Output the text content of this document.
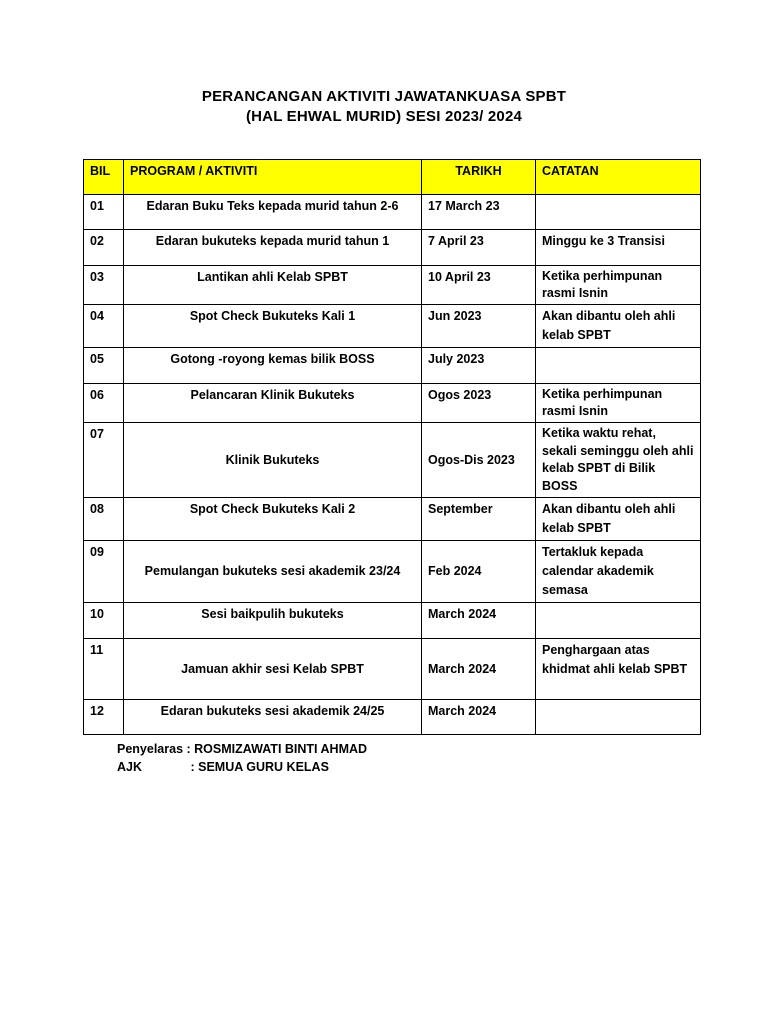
PERANCANGAN AKTIVITI JAWATANKUASA SPBT
(HAL EHWAL MURID) SESI 2023/ 2024
BIL	PROGRAM / AKTIVITI	TARIKH	CATATAN
01	Edaran Buku Teks kepada murid tahun 2-6	17 March 23	
02	Edaran bukuteks kepada murid tahun 1	7 April 23	Minggu ke 3 Transisi
03	Lantikan ahli Kelab SPBT	10 April 23	Ketika perhimpunan rasmi Isnin
04	Spot Check Bukuteks Kali 1	Jun 2023	Akan dibantu oleh ahli kelab SPBT
05	Gotong -royong kemas bilik BOSS	July 2023	
06	Pelancaran Klinik Bukuteks	Ogos 2023	Ketika perhimpunan rasmi Isnin
07	Klinik Bukuteks	Ogos-Dis 2023	Ketika waktu rehat, sekali seminggu oleh ahli kelab SPBT di Bilik BOSS
08	Spot Check Bukuteks Kali 2	September	Akan dibantu oleh ahli kelab SPBT
09	Pemulangan bukuteks sesi akademik 23/24	Feb 2024	Tertakluk kepada calendar akademik semasa
10	Sesi baikpulih bukuteks	March 2024	
11	Jamuan akhir sesi Kelab SPBT	March 2024	Penghargaan atas khidmat ahli kelab SPBT
12	Edaran bukuteks sesi akademik 24/25	March 2024	
Penyelaras : ROSMIZAWATI BINTI AHMAD
AJK	: SEMUA GURU KELAS
